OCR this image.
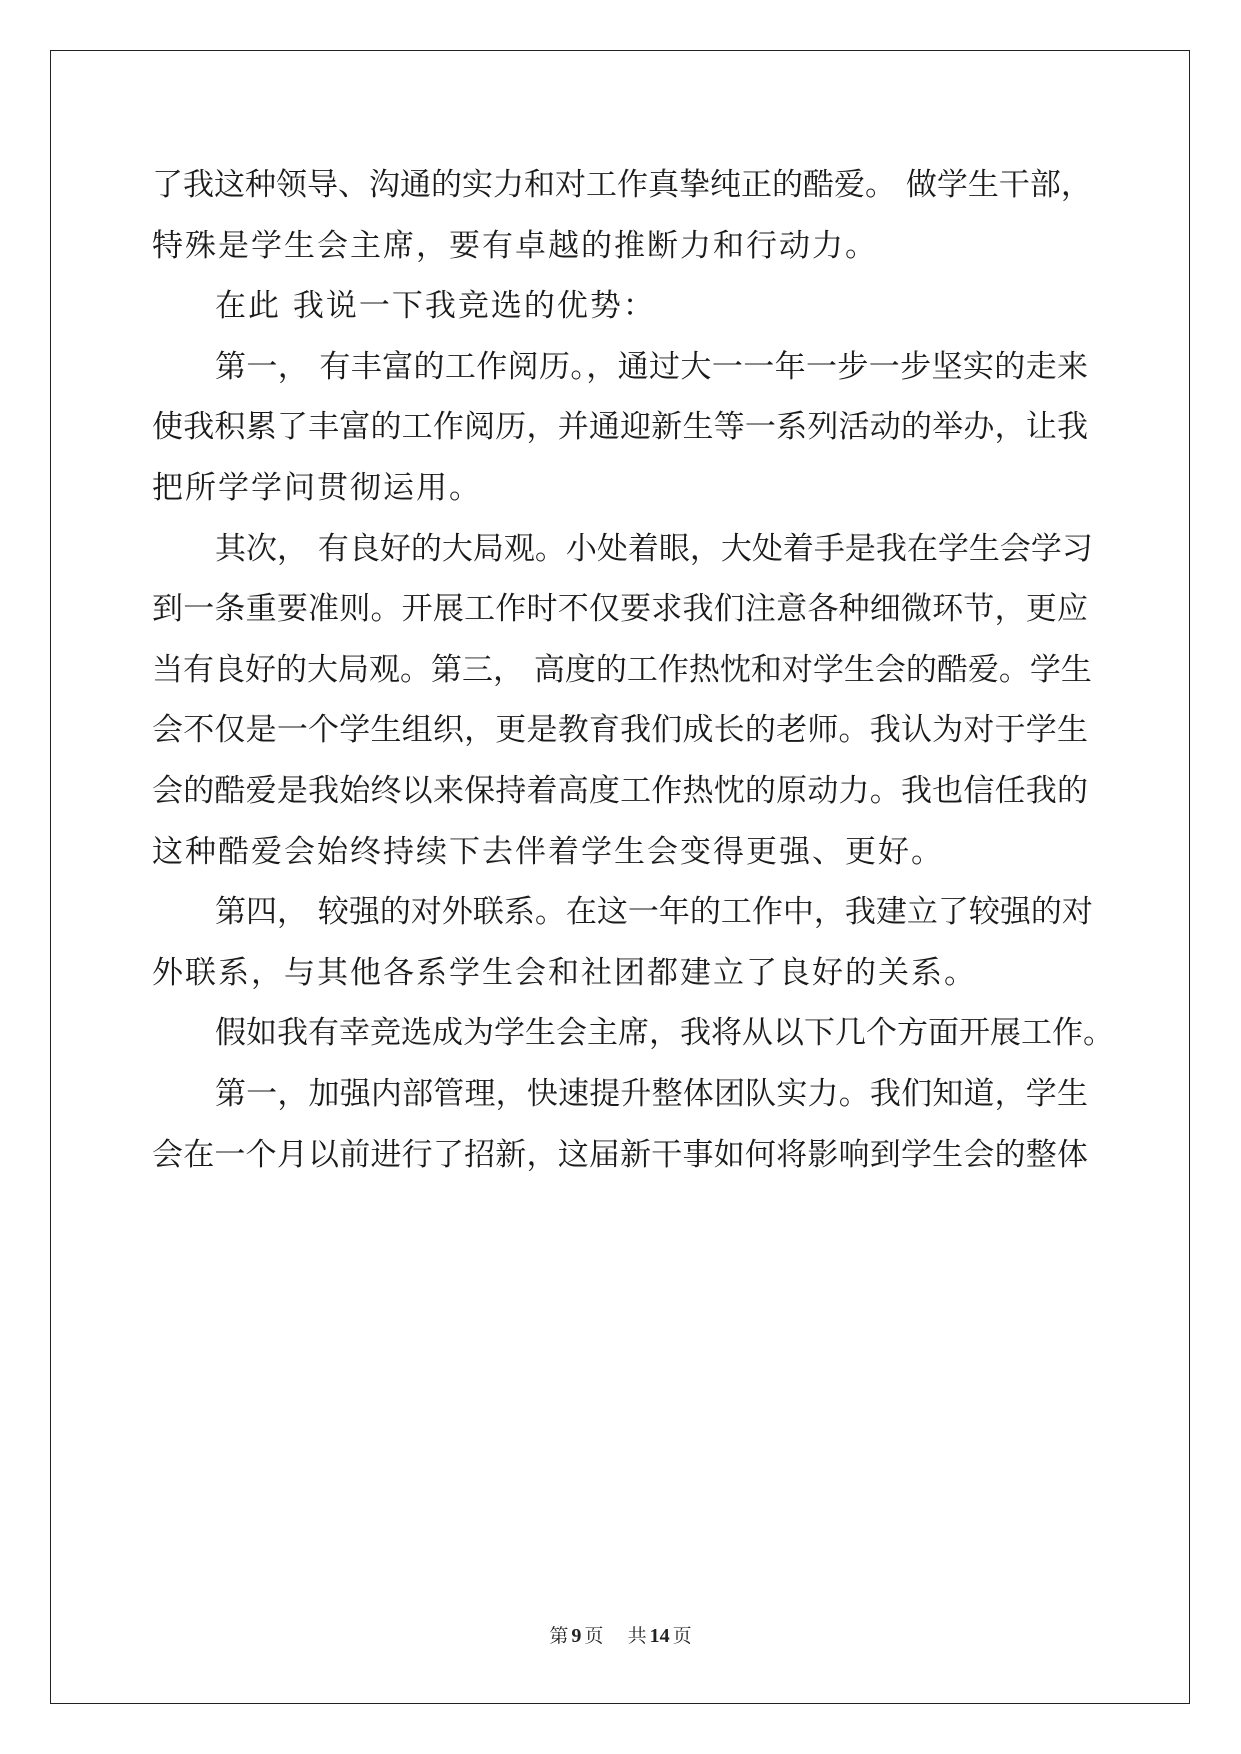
了我这种领导、沟通的实力和对工作真挚纯正的酷爱。 做学生干部，
特殊是学生会主席，要有卓越的推断力和行动力。
在此 我说一下我竞选的优势：
第一， 有丰富的工作阅历。，通过大一一年一步一步坚实的走来
使我积累了丰富的工作阅历，并通迎新生等一系列活动的举办，让我
把所学学问贯彻运用。
其次， 有良好的大局观。小处着眼，大处着手是我在学生会学习
到一条重要准则。开展工作时不仅要求我们注意各种细微环节，更应
当有良好的大局观。第三， 高度的工作热忱和对学生会的酷爱。学生
会不仅是一个学生组织，更是教育我们成长的老师。我认为对于学生
会的酷爱是我始终以来保持着高度工作热忱的原动力。我也信任我的
这种酷爱会始终持续下去伴着学生会变得更强、更好。
第四， 较强的对外联系。在这一年的工作中，我建立了较强的对
外联系，与其他各系学生会和社团都建立了良好的关系。
假如我有幸竞选成为学生会主席，我将从以下几个方面开展工作。
第一，加强内部管理，快速提升整体团队实力。我们知道，学生
会在一个月以前进行了招新，这届新干事如何将影响到学生会的整体
第 9 页    共 14 页
